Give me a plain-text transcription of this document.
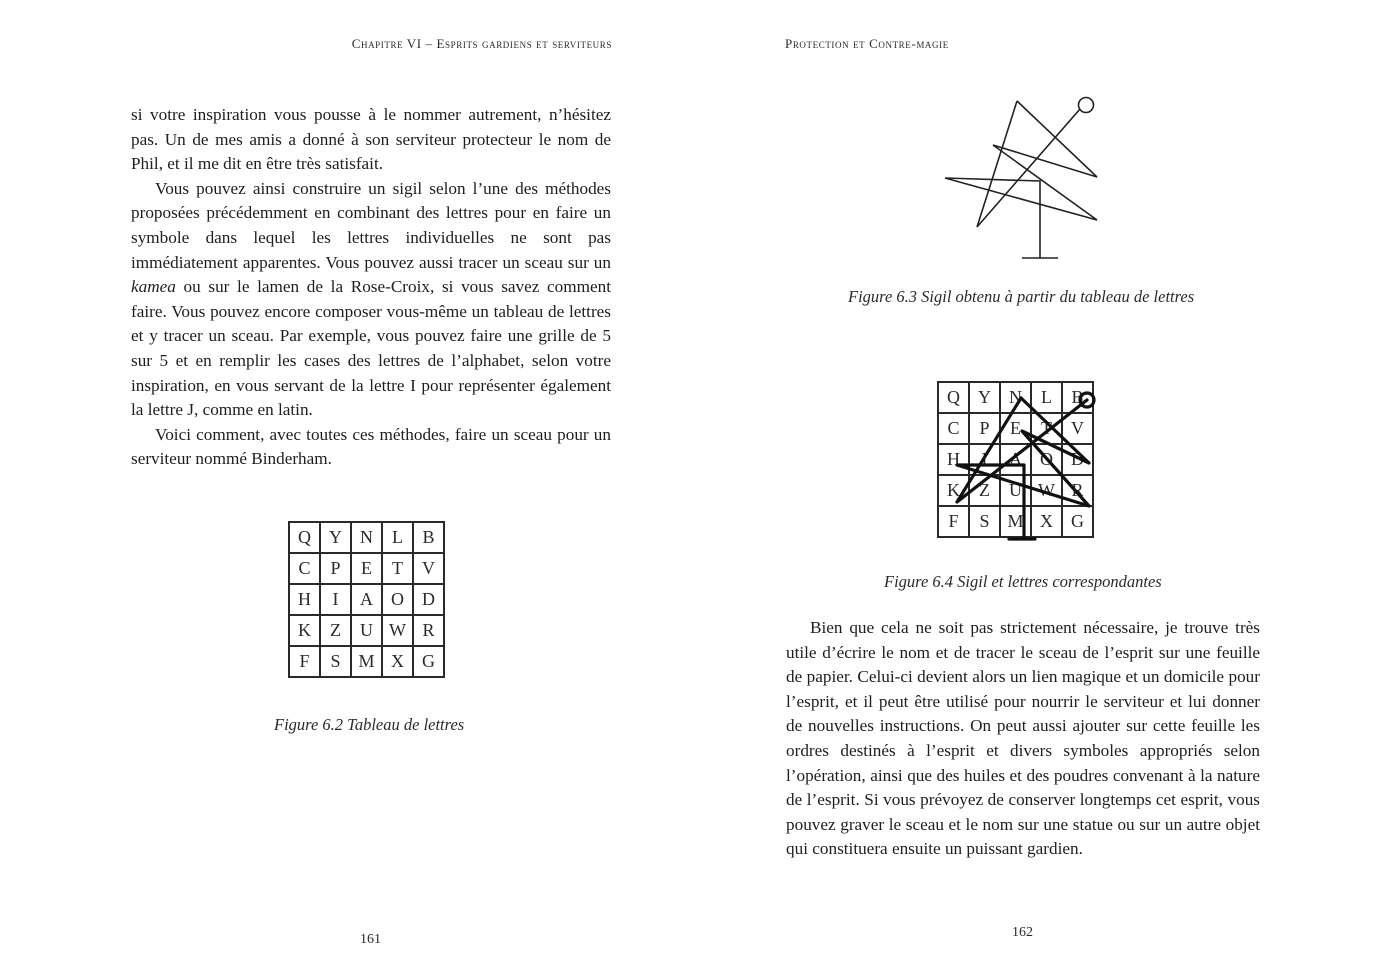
Chapitre VI – Esprits gardiens et serviteurs

si votre inspiration vous pousse à le nommer autrement, n’hésitez pas. Un de mes amis a donné à son serviteur protecteur le nom de Phil, et il me dit en être très satisfait.

Vous pouvez ainsi construire un sigil selon l’une des méthodes proposées précédemment en combinant des lettres pour en faire un symbole dans lequel les lettres individuelles ne sont pas immédiatement apparentes. Vous pouvez aussi tracer un sceau sur un kamea ou sur le lamen de la Rose-Croix, si vous savez comment faire. Vous pouvez encore composer vous-même un tableau de lettres et y tracer un sceau. Par exemple, vous pouvez faire une grille de 5 sur 5 et en remplir les cases des lettres de l’alphabet, selon votre inspiration, en vous servant de la lettre I pour représenter également la lettre J, comme en latin.

Voici comment, avec toutes ces méthodes, faire un sceau pour un serviteur nommé Binderham.

Q	Y	N	L	B
C	P	E	T	V
H	I	A	O	D
K	Z	U	W	R
F	S	M	X	G
Figure 6.2 Tableau de lettres
161
Protection et Contre-magie
Figure 6.3 Sigil obtenu à partir du tableau de lettres
Q	Y	N	L	B
C	P	E	T	V
H	I	A	O	D
K	Z	U	W	R
F	S	M	X	G
Figure 6.4 Sigil et lettres correspondantes

Bien que cela ne soit pas strictement nécessaire, je trouve très utile d’écrire le nom et de tracer le sceau de l’esprit sur une feuille de papier. Celui-ci devient alors un lien magique et un domicile pour l’esprit, et il peut être utilisé pour nourrir le serviteur et lui donner de nouvelles instructions. On peut aussi ajouter sur cette feuille les ordres destinés à l’esprit et divers symboles appropriés selon l’opération, ainsi que des huiles et des poudres convenant à la nature de l’esprit. Si vous prévoyez de conserver longtemps cet esprit, vous pouvez graver le sceau et le nom sur une statue ou sur un autre objet qui constituera ensuite un puissant gardien.

162
